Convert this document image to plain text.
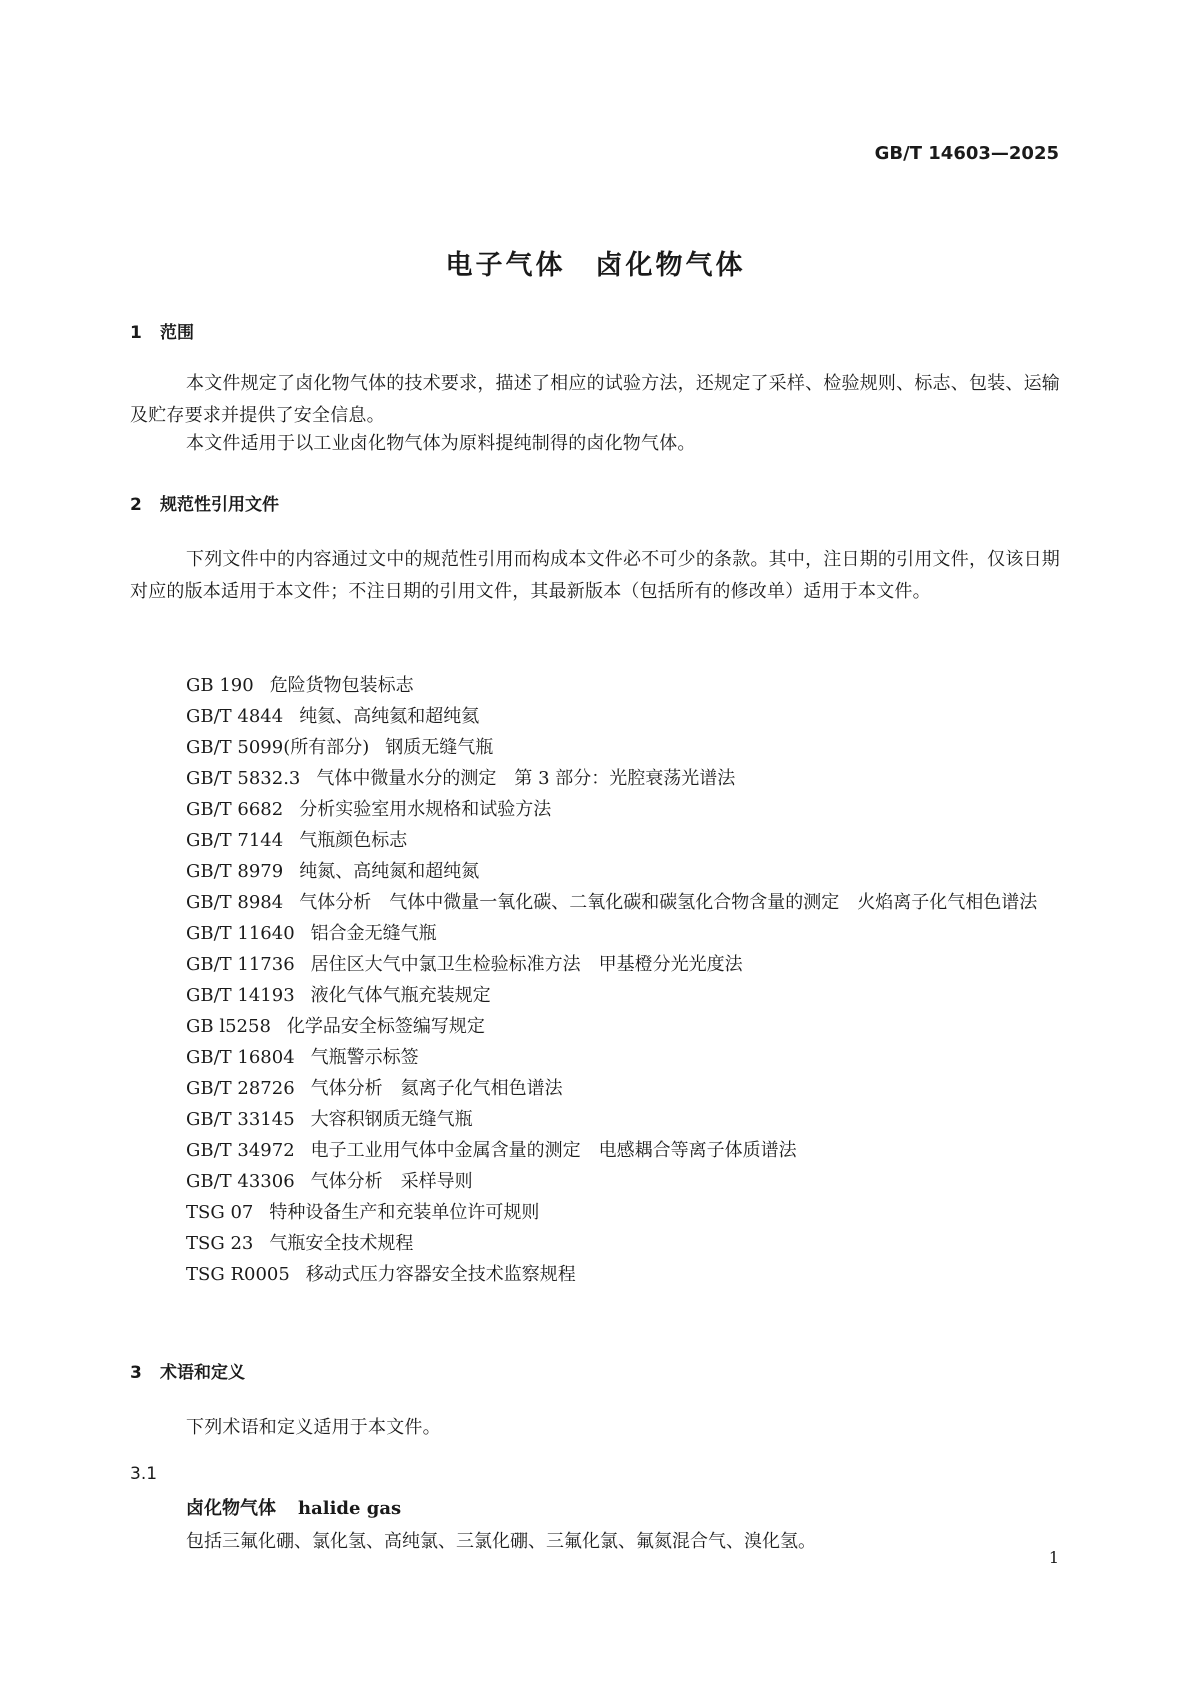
GB/T 14603—2025
电子气体　卤化物气体
1 范围
本文件规定了卤化物气体的技术要求，描述了相应的试验方法，还规定了采样、检验规则、标志、包装、运输及贮存要求并提供了安全信息。
本文件适用于以工业卤化物气体为原料提纯制得的卤化物气体。
2 规范性引用文件
下列文件中的内容通过文中的规范性引用而构成本文件必不可少的条款。其中，注日期的引用文件，仅该日期对应的版本适用于本文件；不注日期的引用文件，其最新版本（包括所有的修改单）适用于本文件。
GB 190 危险货物包装标志
GB/T 4844 纯氦、高纯氦和超纯氦
GB/T 5099(所有部分) 钢质无缝气瓶
GB/T 5832.3 气体中微量水分的测定　第 3 部分：光腔衰荡光谱法
GB/T 6682 分析实验室用水规格和试验方法
GB/T 7144 气瓶颜色标志
GB/T 8979 纯氮、高纯氮和超纯氮
GB/T 8984 气体分析　气体中微量一氧化碳、二氧化碳和碳氢化合物含量的测定　火焰离子化气相色谱法
GB/T 11640 铝合金无缝气瓶
GB/T 11736 居住区大气中氯卫生检验标准方法　甲基橙分光光度法
GB/T 14193 液化气体气瓶充装规定
GB l5258 化学品安全标签编写规定
GB/T 16804 气瓶警示标签
GB/T 28726 气体分析　氦离子化气相色谱法
GB/T 33145 大容积钢质无缝气瓶
GB/T 34972 电子工业用气体中金属含量的测定　电感耦合等离子体质谱法
GB/T 43306 气体分析　采样导则
TSG 07 特种设备生产和充装单位许可规则
TSG 23 气瓶安全技术规程
TSG R0005 移动式压力容器安全技术监察规程
3 术语和定义
下列术语和定义适用于本文件。
3.1
卤化物气体 halide gas
包括三氟化硼、氯化氢、高纯氯、三氯化硼、三氟化氯、氟氮混合气、溴化氢。
1
